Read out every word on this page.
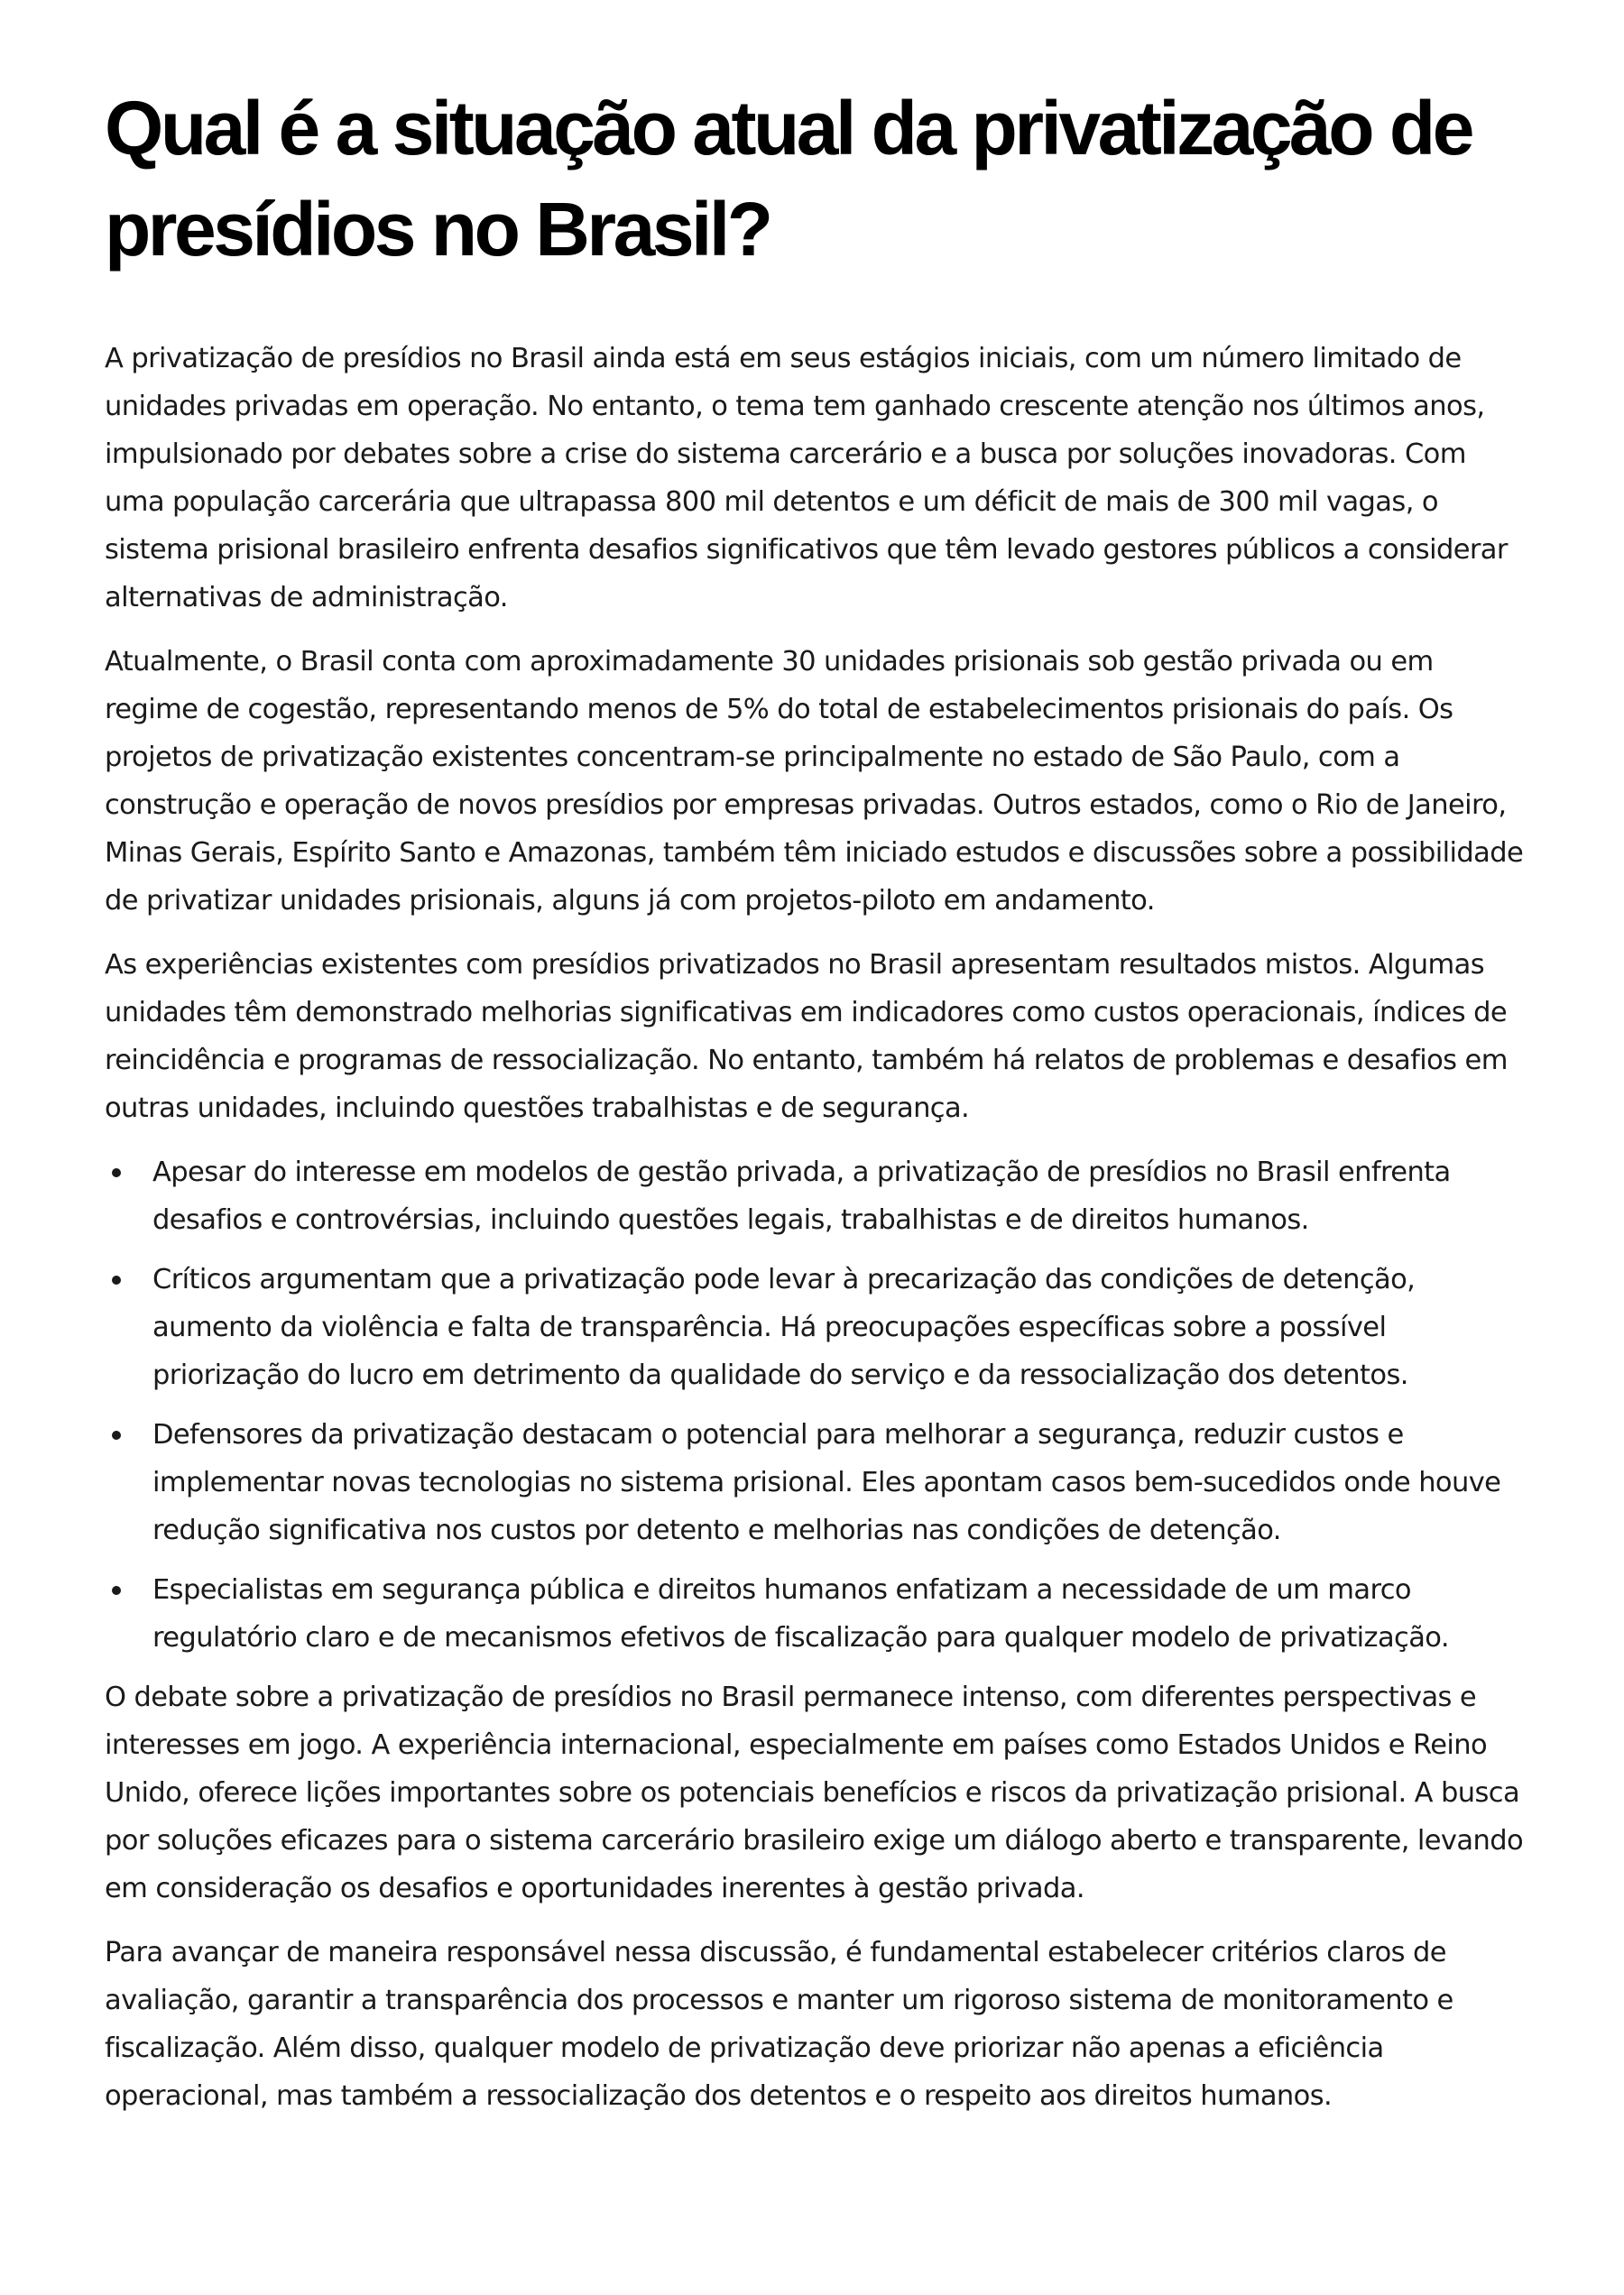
Qual é a situação atual da privatização de presídios no Brasil?

A privatização de presídios no Brasil ainda está em seus estágios iniciais, com um número limitado de unidades privadas em operação. No entanto, o tema tem ganhado crescente atenção nos últimos anos, impulsionado por debates sobre a crise do sistema carcerário e a busca por soluções inovadoras. Com uma população carcerária que ultrapassa 800 mil detentos e um déficit de mais de 300 mil vagas, o sistema prisional brasileiro enfrenta desafios significativos que têm levado gestores públicos a considerar alternativas de administração.

Atualmente, o Brasil conta com aproximadamente 30 unidades prisionais sob gestão privada ou em regime de cogestão, representando menos de 5% do total de estabelecimentos prisionais do país. Os projetos de privatização existentes concentram-se principalmente no estado de São Paulo, com a construção e operação de novos presídios por empresas privadas. Outros estados, como o Rio de Janeiro, Minas Gerais, Espírito Santo e Amazonas, também têm iniciado estudos e discussões sobre a possibilidade de privatizar unidades prisionais, alguns já com projetos-piloto em andamento.

As experiências existentes com presídios privatizados no Brasil apresentam resultados mistos. Algumas unidades têm demonstrado melhorias significativas em indicadores como custos operacionais, índices de reincidência e programas de ressocialização. No entanto, também há relatos de problemas e desafios em outras unidades, incluindo questões trabalhistas e de segurança.

Apesar do interesse em modelos de gestão privada, a privatização de presídios no Brasil enfrenta desafios e controvérsias, incluindo questões legais, trabalhistas e de direitos humanos.
Críticos argumentam que a privatização pode levar à precarização das condições de detenção, aumento da violência e falta de transparência. Há preocupações específicas sobre a possível priorização do lucro em detrimento da qualidade do serviço e da ressocialização dos detentos.
Defensores da privatização destacam o potencial para melhorar a segurança, reduzir custos e implementar novas tecnologias no sistema prisional. Eles apontam casos bem-sucedidos onde houve redução significativa nos custos por detento e melhorias nas condições de detenção.
Especialistas em segurança pública e direitos humanos enfatizam a necessidade de um marco regulatório claro e de mecanismos efetivos de fiscalização para qualquer modelo de privatização.

O debate sobre a privatização de presídios no Brasil permanece intenso, com diferentes perspectivas e interesses em jogo. A experiência internacional, especialmente em países como Estados Unidos e Reino Unido, oferece lições importantes sobre os potenciais benefícios e riscos da privatização prisional. A busca por soluções eficazes para o sistema carcerário brasileiro exige um diálogo aberto e transparente, levando em consideração os desafios e oportunidades inerentes à gestão privada.

Para avançar de maneira responsável nessa discussão, é fundamental estabelecer critérios claros de avaliação, garantir a transparência dos processos e manter um rigoroso sistema de monitoramento e fiscalização. Além disso, qualquer modelo de privatização deve priorizar não apenas a eficiência operacional, mas também a ressocialização dos detentos e o respeito aos direitos humanos.
